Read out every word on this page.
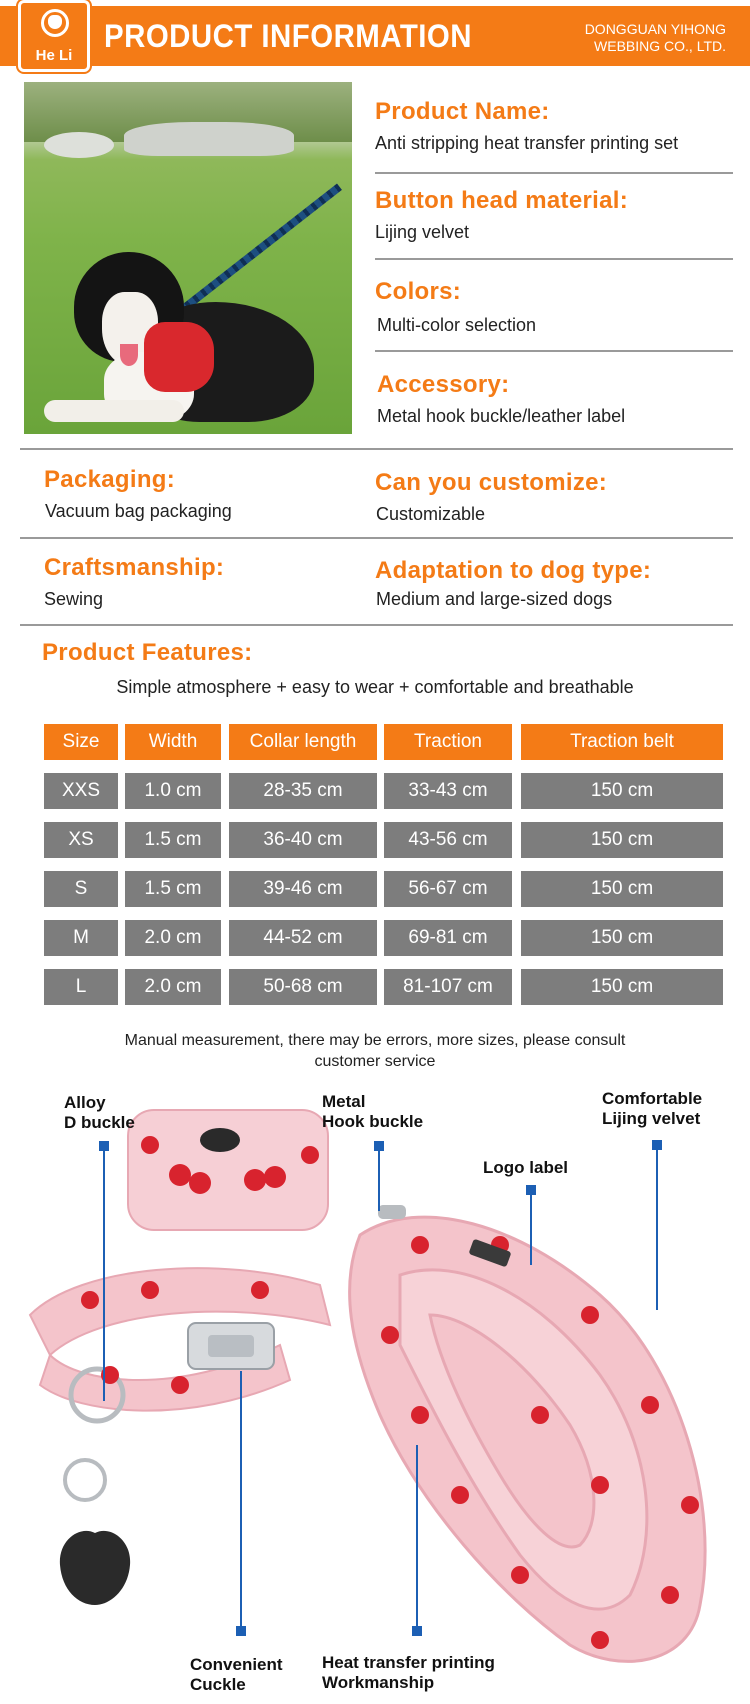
He Li
PRODUCT INFORMATION	DONGGUAN YIHONG
WEBBING CO., LTD.
Product Name:
Anti stripping heat transfer printing set
Button head material:
Lijing velvet
Colors:
Multi-color selection
Accessory:
Metal hook buckle/leather label
Packaging:
Vacuum bag packaging
Can you customize:
Customizable
Craftsmanship:
Sewing
Adaptation to dog type:
Medium and large-sized dogs
Product Features:
Simple atmosphere + easy to wear + comfortable and breathable
Size	Width	Collar length	Traction	Traction belt
XXS	1.0 cm	28-35 cm	33-43 cm	150 cm
XS	1.5 cm	36-40 cm	43-56 cm	150 cm
S	1.5 cm	39-46 cm	56-67 cm	150 cm
M	2.0 cm	44-52 cm	69-81 cm	150 cm
L	2.0 cm	50-68 cm	81-107 cm	150 cm
Manual measurement, there may be errors, more sizes, please consult customer service
Alloy
D buckle
Metal
Hook buckle
Logo label
Comfortable
Lijing velvet
Convenient
Cuckle
Heat transfer printing
Workmanship
